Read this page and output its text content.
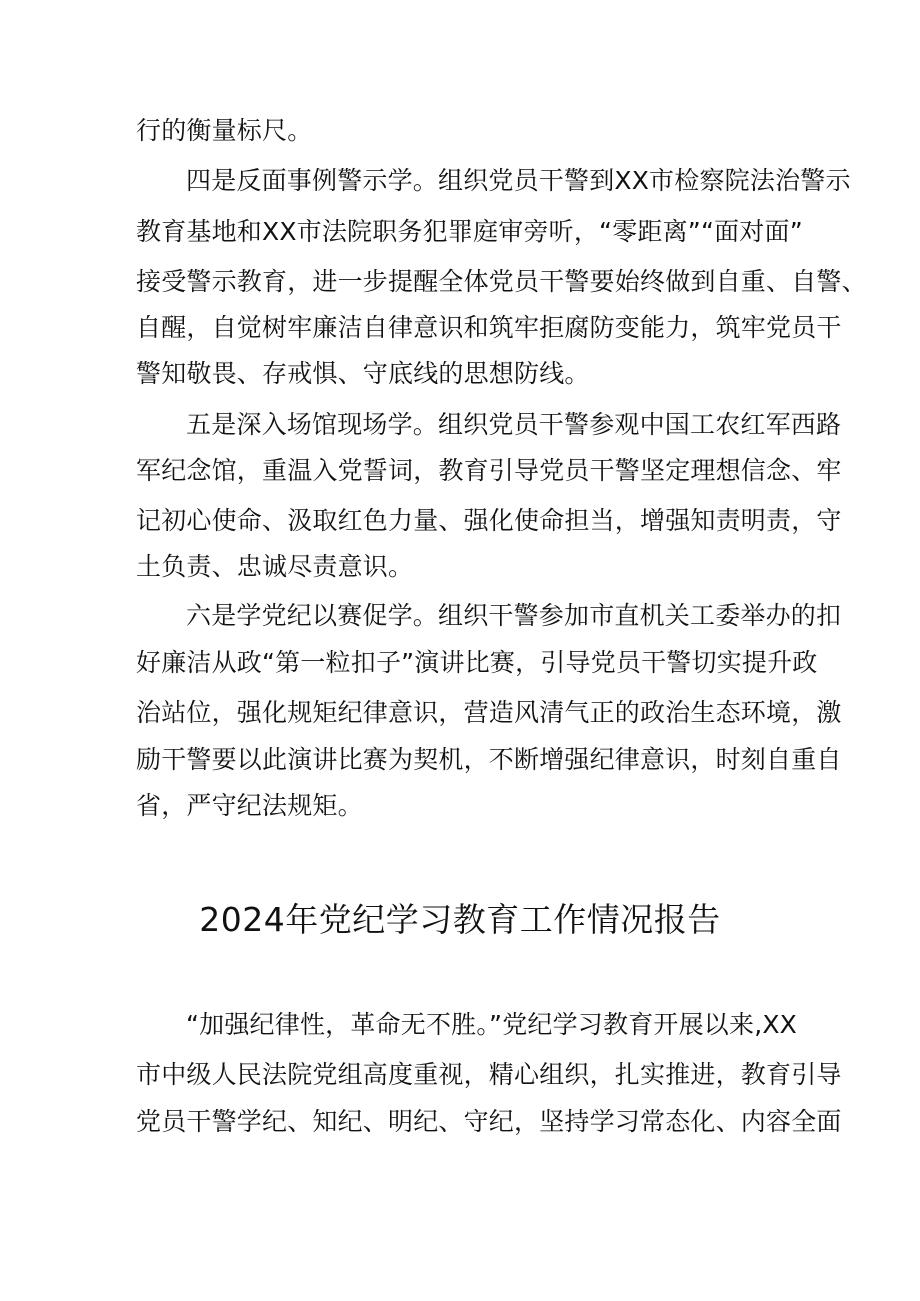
行的衡量标尺。
四是反面事例警示学。组织党员干警到XX市检察院法治警示
教育基地和XX市法院职务犯罪庭审旁听，“零距离”“面对面”
接受警示教育，进一步提醒全体党员干警要始终做到自重、自警、
自醒，自觉树牢廉洁自律意识和筑牢拒腐防变能力，筑牢党员干
警知敬畏、存戒惧、守底线的思想防线。
五是深入场馆现场学。组织党员干警参观中国工农红军西路
军纪念馆，重温入党誓词，教育引导党员干警坚定理想信念、牢
记初心使命、汲取红色力量、强化使命担当，增强知责明责，守
土负责、忠诚尽责意识。
六是学党纪以赛促学。组织干警参加市直机关工委举办的扣
好廉洁从政“第一粒扣子”演讲比赛，引导党员干警切实提升政
治站位，强化规矩纪律意识，营造风清气正的政治生态环境，激
励干警要以此演讲比赛为契机，不断增强纪律意识，时刻自重自
省，严守纪法规矩。
2024年党纪学习教育工作情况报告
“加强纪律性，革命无不胜。”党纪学习教育开展以来,XX
市中级人民法院党组高度重视，精心组织，扎实推进，教育引导
党员干警学纪、知纪、明纪、守纪，坚持学习常态化、内容全面
